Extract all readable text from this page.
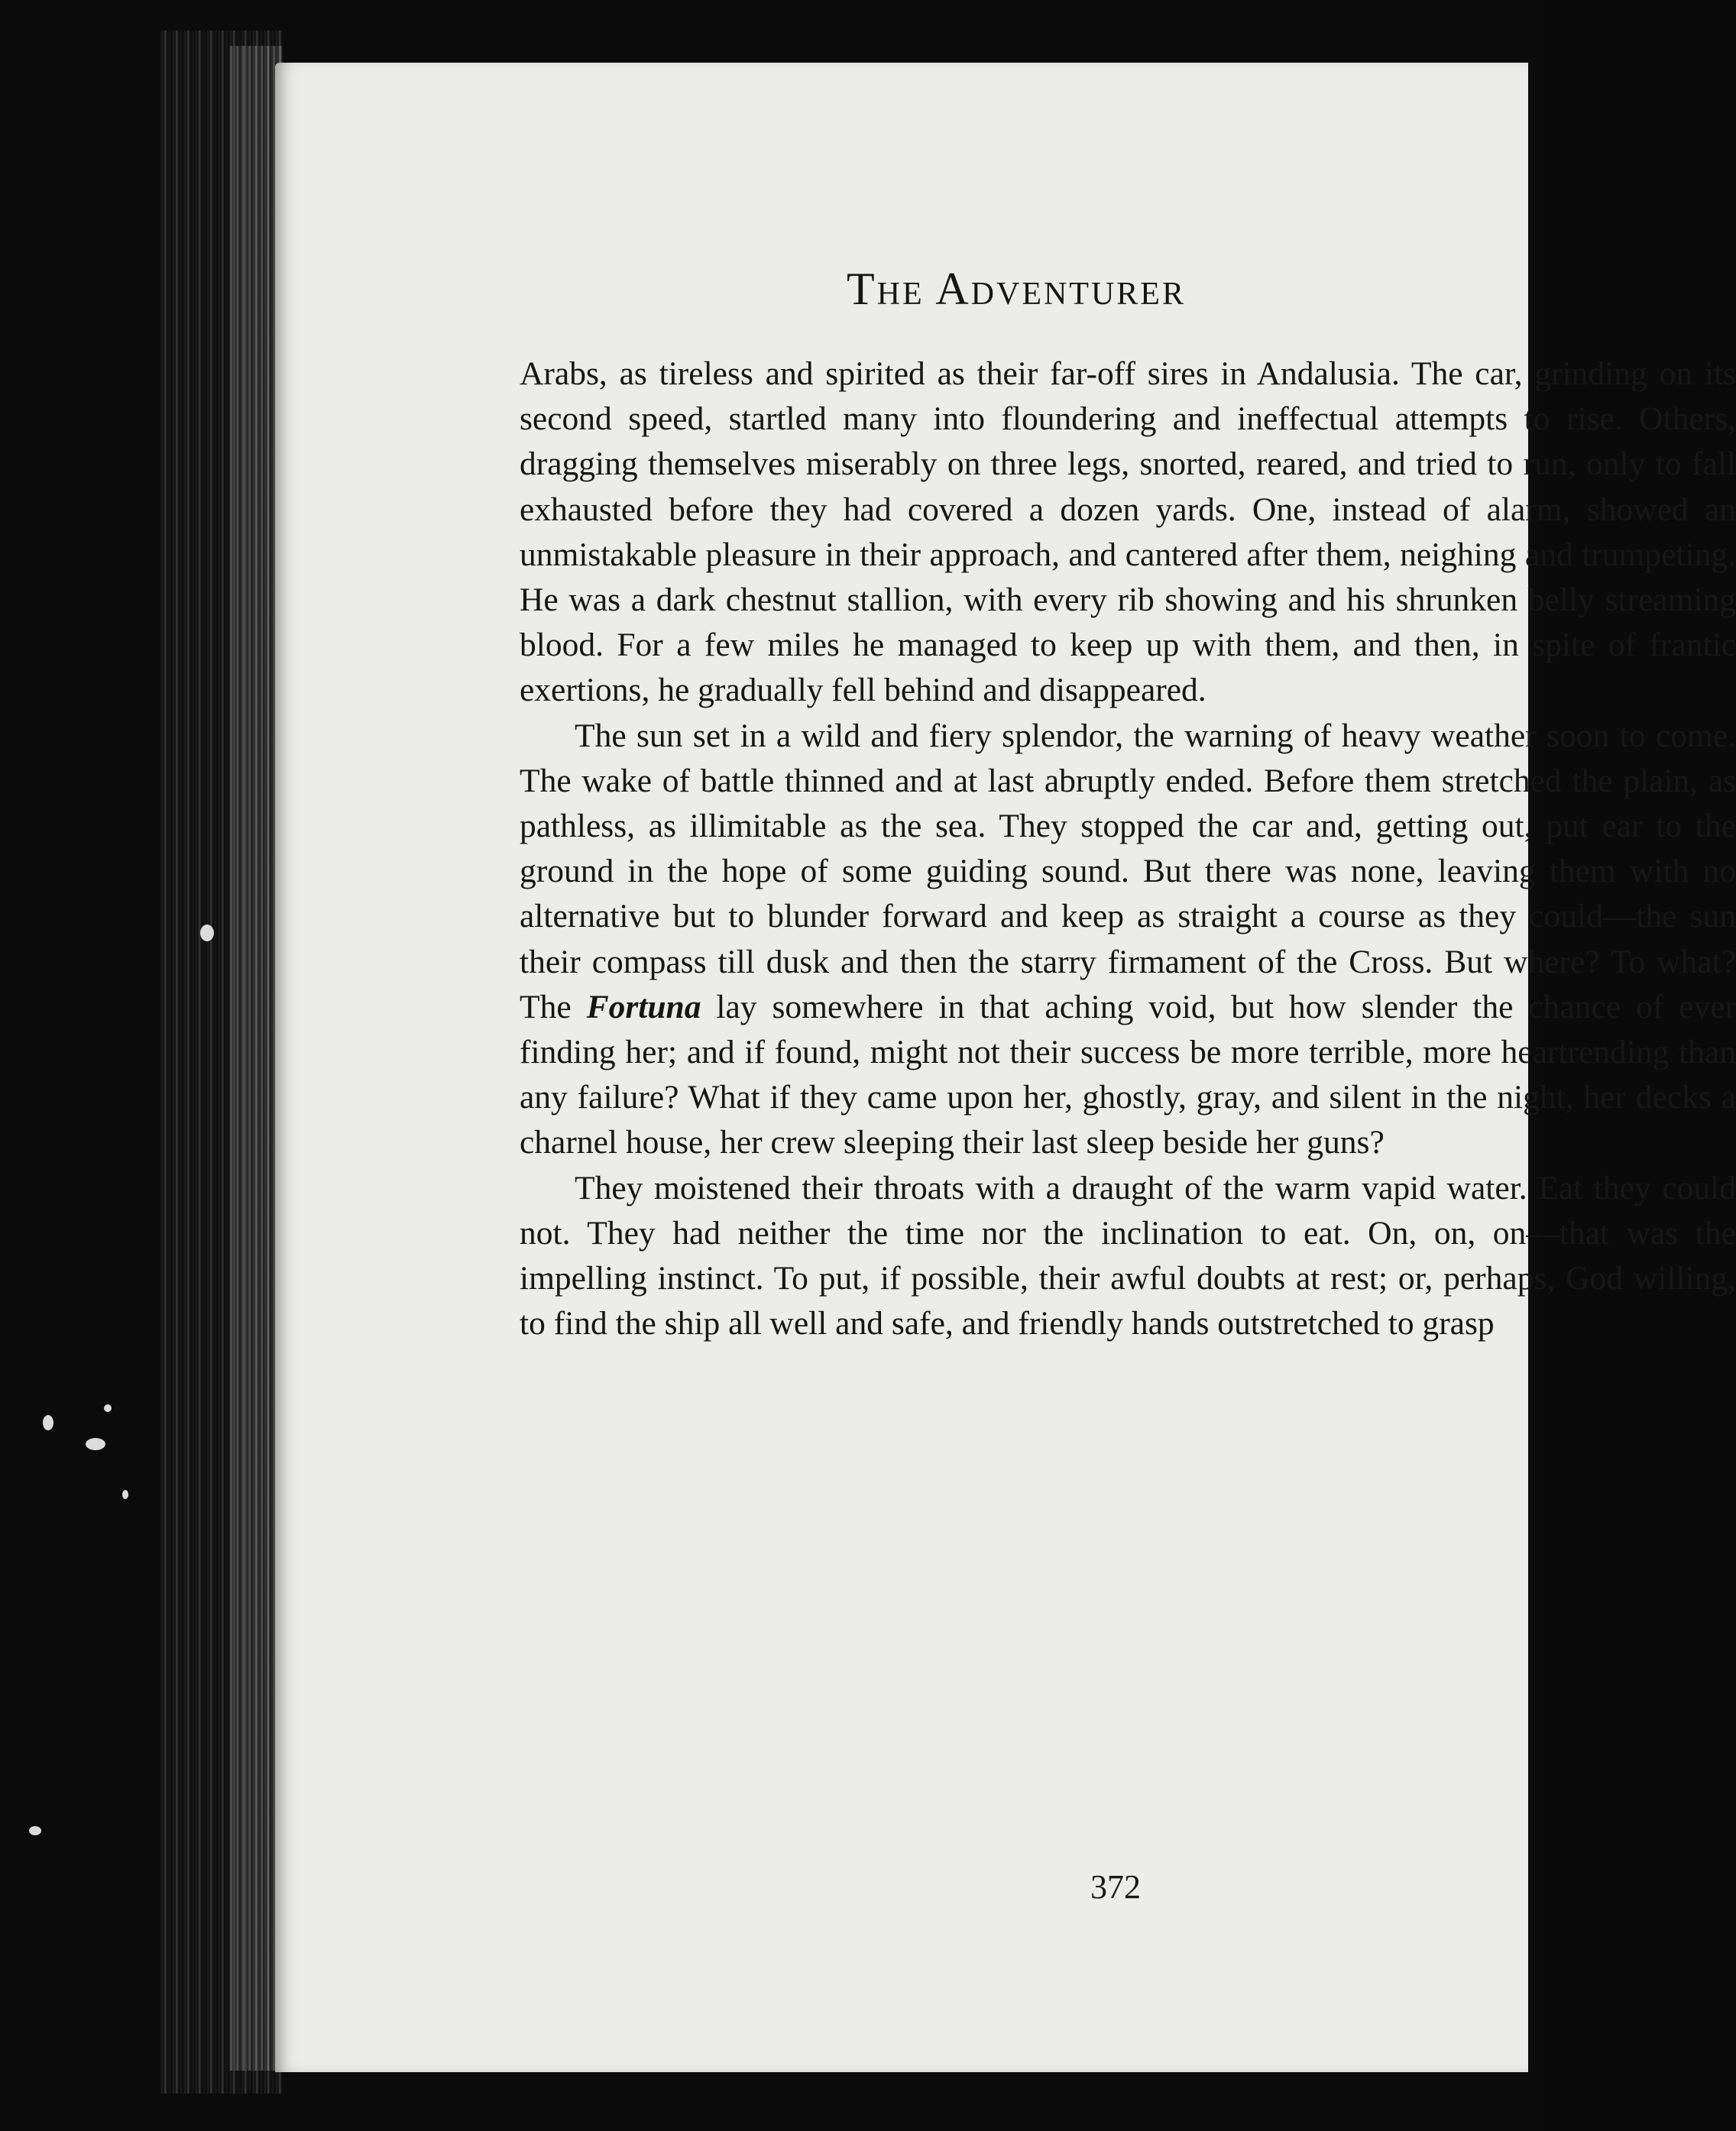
The Adventurer

Arabs, as tireless and spirited as their far-off sires in Andalusia. The car, grinding on its second speed, startled many into floundering and ineffectual attempts to rise. Others, dragging themselves miserably on three legs, snorted, reared, and tried to run, only to fall exhausted before they had covered a dozen yards. One, instead of alarm, showed an unmistakable pleasure in their approach, and cantered after them, neighing and trumpeting. He was a dark chestnut stallion, with every rib showing and his shrunken belly streaming blood. For a few miles he managed to keep up with them, and then, in spite of frantic exertions, he gradually fell behind and disappeared.

The sun set in a wild and fiery splendor, the warning of heavy weather soon to come. The wake of battle thinned and at last abruptly ended. Before them stretched the plain, as pathless, as illimitable as the sea. They stopped the car and, getting out, put ear to the ground in the hope of some guiding sound. But there was none, leaving them with no alternative but to blunder forward and keep as straight a course as they could—the sun their compass till dusk and then the starry firmament of the Cross. But where? To what? The Fortuna lay somewhere in that aching void, but how slender the chance of ever finding her; and if found, might not their success be more terrible, more heartrending than any failure? What if they came upon her, ghostly, gray, and silent in the night, her decks a charnel house, her crew sleeping their last sleep beside her guns?

They moistened their throats with a draught of the warm vapid water. Eat they could not. They had neither the time nor the inclination to eat. On, on, on—that was the impelling instinct. To put, if possible, their awful doubts at rest; or, perhaps, God willing, to find the ship all well and safe, and friendly hands outstretched to grasp

372
